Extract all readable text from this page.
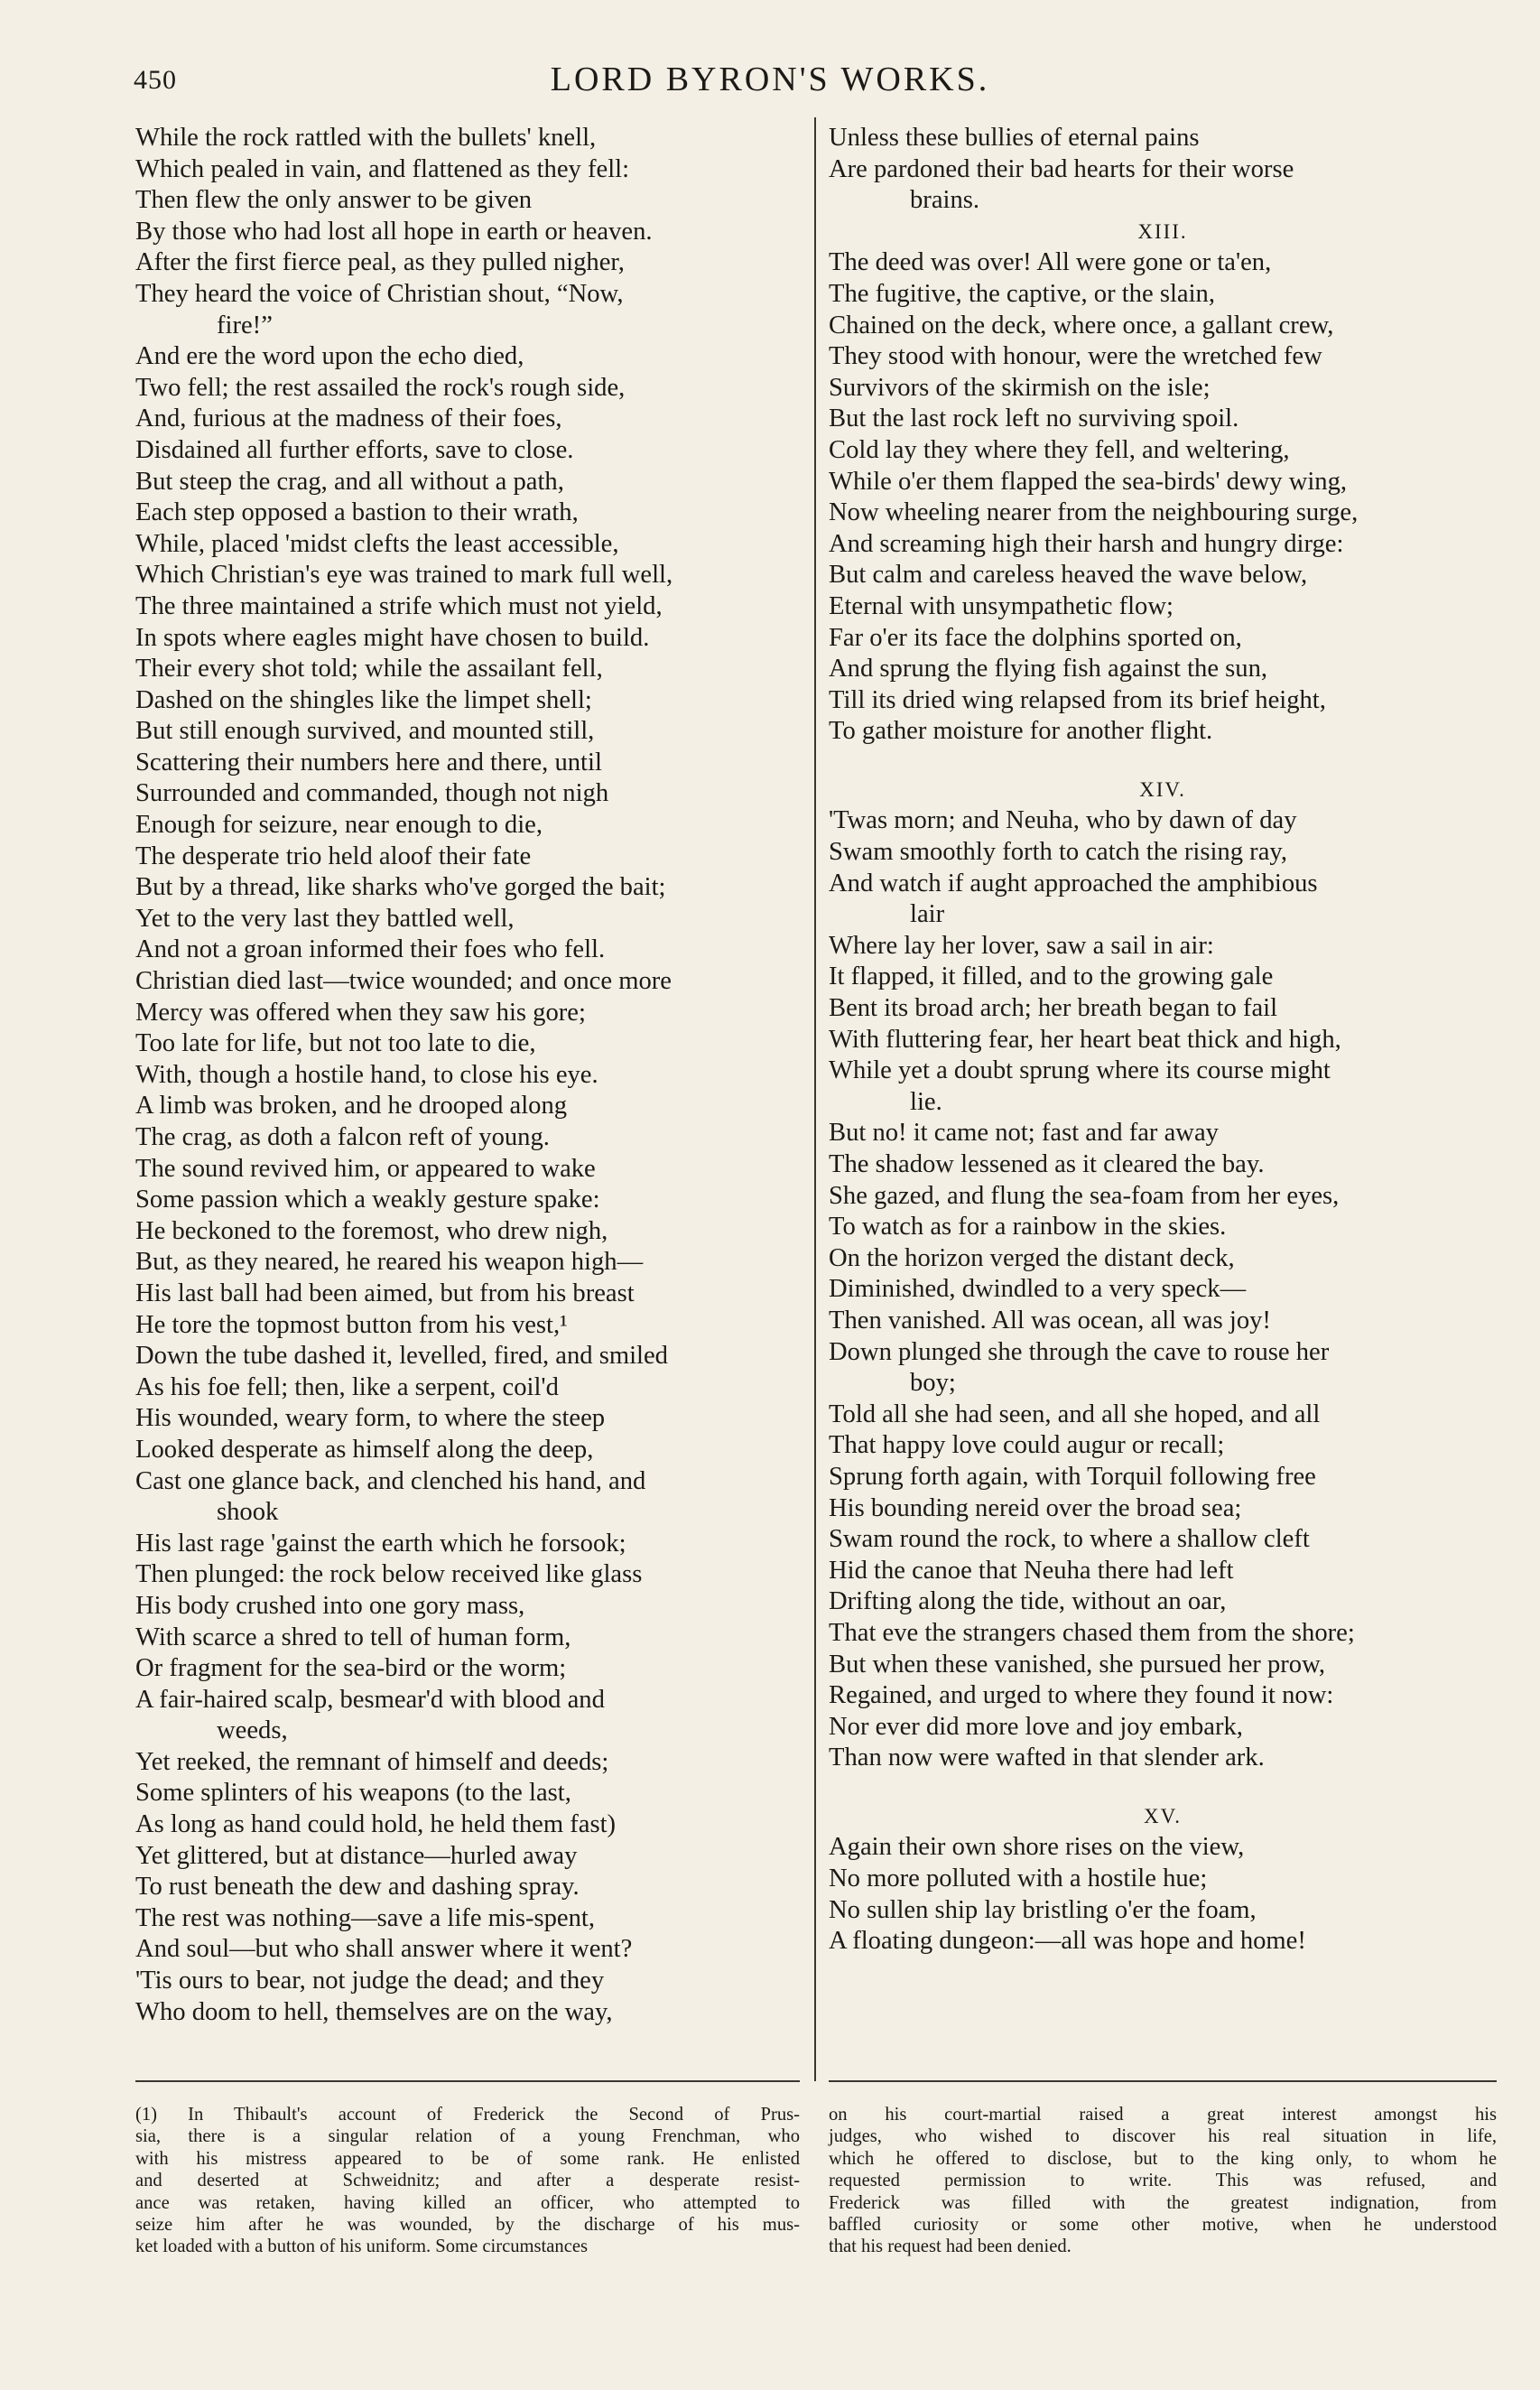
450	LORD BYRON'S WORKS.
While the rock rattled with the bullets' knell,
Which pealed in vain, and flattened as they fell:
Then flew the only answer to be given
By those who had lost all hope in earth or heaven.
After the first fierce peal, as they pulled nigher,
They heard the voice of Christian shout, “Now,
fire!”
And ere the word upon the echo died,
Two fell; the rest assailed the rock's rough side,
And, furious at the madness of their foes,
Disdained all further efforts, save to close.
But steep the crag, and all without a path,
Each step opposed a bastion to their wrath,
While, placed 'midst clefts the least accessible,
Which Christian's eye was trained to mark full well,
The three maintained a strife which must not yield,
In spots where eagles might have chosen to build.
Their every shot told; while the assailant fell,
Dashed on the shingles like the limpet shell;
But still enough survived, and mounted still,
Scattering their numbers here and there, until
Surrounded and commanded, though not nigh
Enough for seizure, near enough to die,
The desperate trio held aloof their fate
But by a thread, like sharks who've gorged the bait;
Yet to the very last they battled well,
And not a groan informed their foes who fell.
Christian died last—twice wounded; and once more
Mercy was offered when they saw his gore;
Too late for life, but not too late to die,
With, though a hostile hand, to close his eye.
A limb was broken, and he drooped along
The crag, as doth a falcon reft of young.
The sound revived him, or appeared to wake
Some passion which a weakly gesture spake:
He beckoned to the foremost, who drew nigh,
But, as they neared, he reared his weapon high—
His last ball had been aimed, but from his breast
He tore the topmost button from his vest,¹
Down the tube dashed it, levelled, fired, and smiled
As his foe fell; then, like a serpent, coil'd
His wounded, weary form, to where the steep
Looked desperate as himself along the deep,
Cast one glance back, and clenched his hand, and
shook
His last rage 'gainst the earth which he forsook;
Then plunged: the rock below received like glass
His body crushed into one gory mass,
With scarce a shred to tell of human form,
Or fragment for the sea-bird or the worm;
A fair-haired scalp, besmear'd with blood and
weeds,
Yet reeked, the remnant of himself and deeds;
Some splinters of his weapons (to the last,
As long as hand could hold, he held them fast)
Yet glittered, but at distance—hurled away
To rust beneath the dew and dashing spray.
The rest was nothing—save a life mis-spent,
And soul—but who shall answer where it went?
'Tis ours to bear, not judge the dead; and they
Who doom to hell, themselves are on the way,
Unless these bullies of eternal pains
Are pardoned their bad hearts for their worse
brains.
XIII.
The deed was over! All were gone or ta'en,
The fugitive, the captive, or the slain,
Chained on the deck, where once, a gallant crew,
They stood with honour, were the wretched few
Survivors of the skirmish on the isle;
But the last rock left no surviving spoil.
Cold lay they where they fell, and weltering,
While o'er them flapped the sea-birds' dewy wing,
Now wheeling nearer from the neighbouring surge,
And screaming high their harsh and hungry dirge:
But calm and careless heaved the wave below,
Eternal with unsympathetic flow;
Far o'er its face the dolphins sported on,
And sprung the flying fish against the sun,
Till its dried wing relapsed from its brief height,
To gather moisture for another flight.
XIV.
'Twas morn; and Neuha, who by dawn of day
Swam smoothly forth to catch the rising ray,
And watch if aught approached the amphibious
lair
Where lay her lover, saw a sail in air:
It flapped, it filled, and to the growing gale
Bent its broad arch; her breath began to fail
With fluttering fear, her heart beat thick and high,
While yet a doubt sprung where its course might
lie.
But no! it came not; fast and far away
The shadow lessened as it cleared the bay.
She gazed, and flung the sea-foam from her eyes,
To watch as for a rainbow in the skies.
On the horizon verged the distant deck,
Diminished, dwindled to a very speck—
Then vanished. All was ocean, all was joy!
Down plunged she through the cave to rouse her
boy;
Told all she had seen, and all she hoped, and all
That happy love could augur or recall;
Sprung forth again, with Torquil following free
His bounding nereid over the broad sea;
Swam round the rock, to where a shallow cleft
Hid the canoe that Neuha there had left
Drifting along the tide, without an oar,
That eve the strangers chased them from the shore;
But when these vanished, she pursued her prow,
Regained, and urged to where they found it now:
Nor ever did more love and joy embark,
Than now were wafted in that slender ark.
XV.
Again their own shore rises on the view,
No more polluted with a hostile hue;
No sullen ship lay bristling o'er the foam,
A floating dungeon:—all was hope and home!
(1) In Thibault's account of Frederick the Second of Prus-
sia, there is a singular relation of a young Frenchman, who
with his mistress appeared to be of some rank. He enlisted
and deserted at Schweidnitz; and after a desperate resist-
ance was retaken, having killed an officer, who attempted to
seize him after he was wounded, by the discharge of his mus-
ket loaded with a button of his uniform. Some circumstances
on his court-martial raised a great interest amongst his
judges, who wished to discover his real situation in life,
which he offered to disclose, but to the king only, to whom he
requested permission to write. This was refused, and
Frederick was filled with the greatest indignation, from
baffled curiosity or some other motive, when he understood
that his request had been denied.
